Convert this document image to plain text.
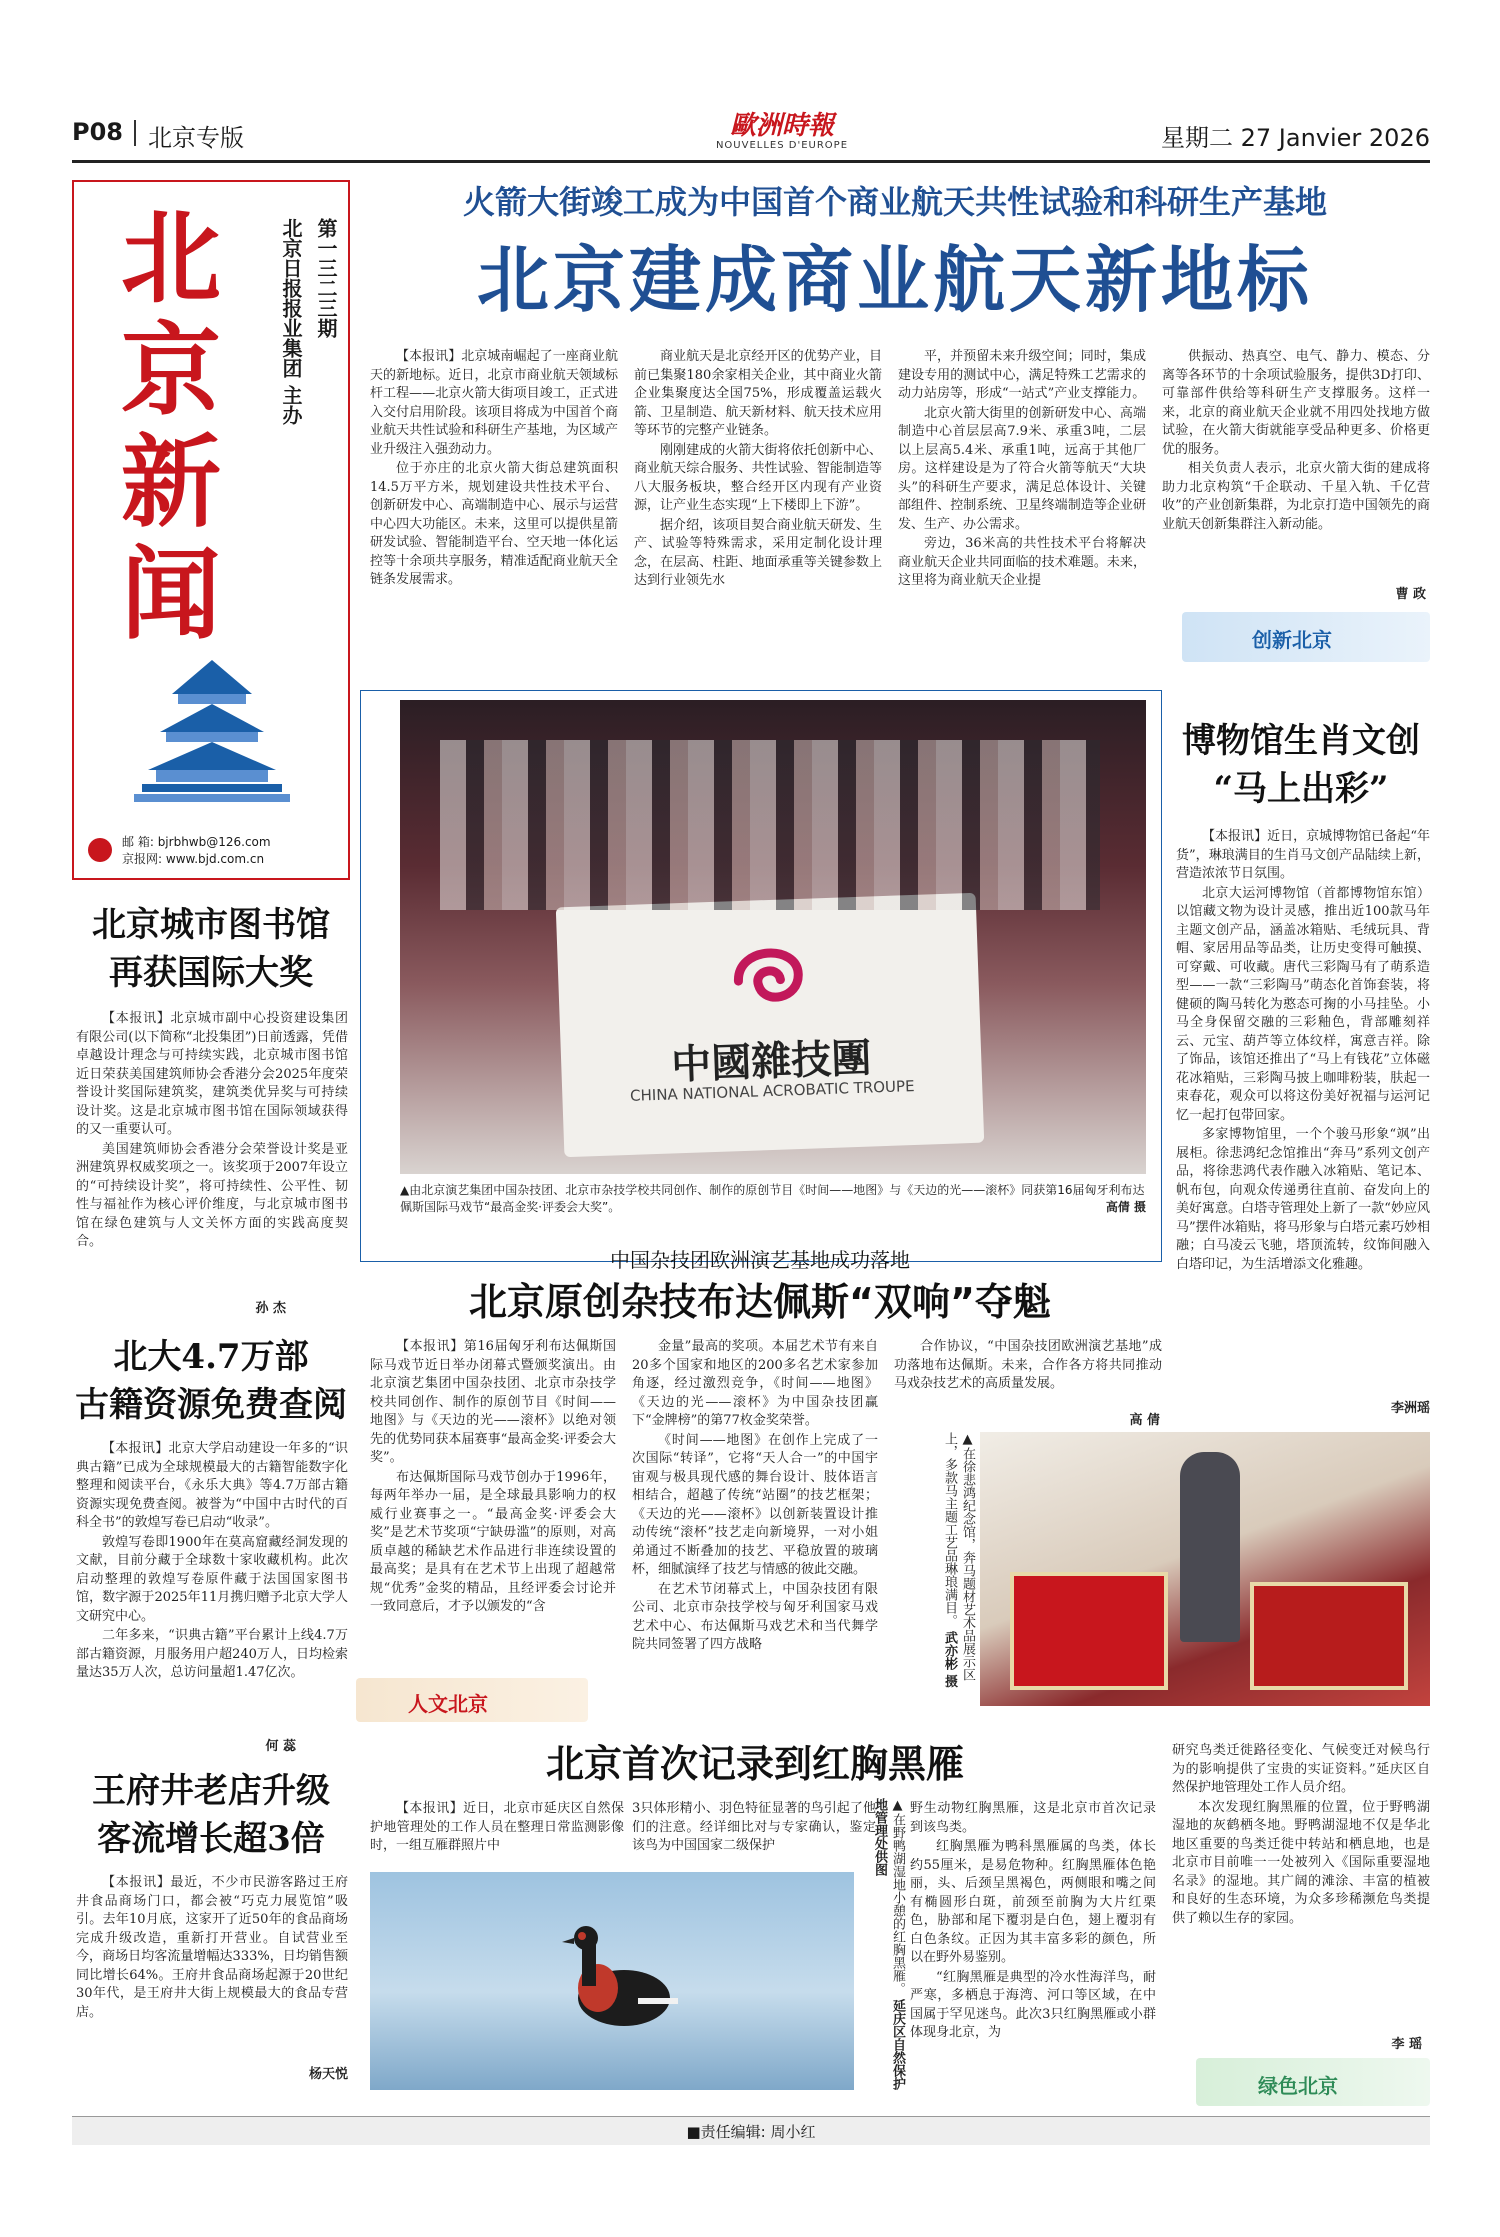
P08 北京专版	歐洲時報
NOUVELLES D'EUROPE	星期二 27 Janvier 2026
北
京
新
闻
北京日报报业集团 主办 第一三二三期
邮 箱: bjrbhwb@126.com
京报网: www.bjd.com.cn
火箭大街竣工成为中国首个商业航天共性试验和科研生产基地
北京建成商业航天新地标

【本报讯】北京城南崛起了一座商业航天的新地标。近日，北京市商业航天领域标杆工程——北京火箭大街项目竣工，正式进入交付启用阶段。该项目将成为中国首个商业航天共性试验和科研生产基地，为区域产业升级注入强劲动力。

位于亦庄的北京火箭大街总建筑面积14.5万平方米，规划建设共性技术平台、创新研发中心、高端制造中心、展示与运营中心四大功能区。未来，这里可以提供星箭研发试验、智能制造平台、空天地一体化运控等十余项共享服务，精准适配商业航天全链条发展需求。

商业航天是北京经开区的优势产业，目前已集聚180余家相关企业，其中商业火箭企业集聚度达全国75%，形成覆盖运载火箭、卫星制造、航天新材料、航天技术应用等环节的完整产业链条。

刚刚建成的火箭大街将依托创新中心、商业航天综合服务、共性试验、智能制造等八大服务板块，整合经开区内现有产业资源，让产业生态实现“上下楼即上下游”。

据介绍，该项目契合商业航天研发、生产、试验等特殊需求，采用定制化设计理念，在层高、柱距、地面承重等关键参数上达到行业领先水

平，并预留未来升级空间；同时，集成建设专用的测试中心，满足特殊工艺需求的动力站房等，形成“一站式”产业支撑能力。

北京火箭大街里的创新研发中心、高端制造中心首层层高7.9米、承重3吨，二层以上层高5.4米、承重1吨，远高于其他厂房。这样建设是为了符合火箭等航天“大块头”的科研生产要求，满足总体设计、关键部组件、控制系统、卫星终端制造等企业研发、生产、办公需求。

旁边，36米高的共性技术平台将解决商业航天企业共同面临的技术难题。未来，这里将为商业航天企业提

供振动、热真空、电气、静力、模态、分离等各环节的十余项试验服务，提供3D打印、可靠部件供给等科研生产支撑服务。这样一来，北京的商业航天企业就不用四处找地方做试验，在火箭大街就能享受品种更多、价格更优的服务。

相关负责人表示，北京火箭大街的建成将助力北京构筑“千企联动、千星入轨、千亿营收”的产业创新集群，为北京打造中国领先的商业航天创新集群注入新动能。

曹 政
创新北京
中國雜技團
CHINA NATIONAL ACROBATIC TROUPE
▲由北京演艺集团中国杂技团、北京市杂技学校共同创作、制作的原创节目《时间——地图》与《天边的光——滚杯》同获第16届匈牙利布达佩斯国际马戏节“最高金奖·评委会大奖”。	高倩 摄
中国杂技团欧洲演艺基地成功落地
北京原创杂技布达佩斯“双响”夺魁

【本报讯】第16届匈牙利布达佩斯国际马戏节近日举办闭幕式暨颁奖演出。由北京演艺集团中国杂技团、北京市杂技学校共同创作、制作的原创节目《时间——地图》与《天边的光——滚杯》以绝对领先的优势同获本届赛事“最高金奖·评委会大奖”。

布达佩斯国际马戏节创办于1996年，每两年举办一届，是全球最具影响力的权威行业赛事之一。“最高金奖·评委会大奖”是艺术节奖项“宁缺毋滥”的原则，对高质卓越的稀缺艺术作品进行非连续设置的最高奖；是具有在艺术节上出现了超越常规“优秀”金奖的精品，且经评委会讨论并一致同意后，才予以颁发的“含

金量”最高的奖项。本届艺术节有来自20多个国家和地区的200多名艺术家参加角逐，经过激烈竞争，《时间——地图》《天边的光——滚杯》为中国杂技团赢下“金牌榜”的第77枚金奖荣誉。

《时间——地图》在创作上完成了一次国际“转译”，它将“天人合一”的中国宇宙观与极具现代感的舞台设计、肢体语言相结合，超越了传统“站圈”的技艺框架；《天边的光——滚杯》以创新装置设计推动传统“滚杯”技艺走向新境界，一对小姐弟通过不断叠加的技艺、平稳放置的玻璃杯，细腻演绎了技艺与情感的彼此交融。

在艺术节闭幕式上，中国杂技团有限公司、北京市杂技学校与匈牙利国家马戏艺术中心、布达佩斯马戏艺术和当代舞学院共同签署了四方战略

合作协议，“中国杂技团欧洲演艺基地”成功落地布达佩斯。未来，合作各方将共同推动马戏杂技艺术的高质量发展。

高 倩
博物馆生肖文创
“马上出彩”

【本报讯】近日，京城博物馆已备起“年货”，琳琅满目的生肖马文创产品陆续上新，营造浓浓节日氛围。

北京大运河博物馆（首都博物馆东馆）以馆藏文物为设计灵感，推出近100款马年主题文创产品，涵盖冰箱贴、毛绒玩具、背帽、家居用品等品类，让历史变得可触摸、可穿戴、可收藏。唐代三彩陶马有了萌系造型——一款“三彩陶马”萌态化首饰套装，将健硕的陶马转化为憨态可掬的小马挂坠。小马全身保留交融的三彩釉色，背部雕刻祥云、元宝、葫芦等立体纹样，寓意吉祥。除了饰品，该馆还推出了“马上有钱花”立体磁花冰箱贴，三彩陶马披上咖啡粉装，肤起一束春花，观众可以将这份美好祝福与运河记忆一起打包带回家。

多家博物馆里，一个个骏马形象“飒”出展柜。徐悲鸿纪念馆推出“奔马”系列文创产品，将徐悲鸿代表作融入冰箱贴、笔记本、帆布包，向观众传递勇往直前、奋发向上的美好寓意。白塔寺管理处上新了一款“妙应风马”摆件冰箱贴，将马形象与白塔元素巧妙相融；白马凌云飞驰，塔顶流转，纹饰间融入白塔印记，为生活增添文化雅趣。

李洲瑶
▲在徐悲鸿纪念馆，奔马题材艺术品展示区上，多款马主题工艺品琳琅满目。 武亦彬 摄
北京城市图书馆
再获国际大奖

【本报讯】北京城市副中心投资建设集团有限公司(以下简称“北投集团”)日前透露，凭借卓越设计理念与可持续实践，北京城市图书馆近日荣获美国建筑师协会香港分会2025年度荣誉设计奖国际建筑奖，建筑类优异奖与可持续设计奖。这是北京城市图书馆在国际领域获得的又一重要认可。

美国建筑师协会香港分会荣誉设计奖是亚洲建筑界权威奖项之一。该奖项于2007年设立的“可持续设计奖”，将可持续性、公平性、韧性与福祉作为核心评价维度，与北京城市图书馆在绿色建筑与人文关怀方面的实践高度契合。

孙 杰
北大4.7万部
古籍资源免费查阅

【本报讯】北京大学启动建设一年多的“识典古籍”已成为全球规模最大的古籍智能数字化整理和阅读平台，《永乐大典》等4.7万部古籍资源实现免费查阅。被誉为“中国中古时代的百科全书”的敦煌写卷已启动“收录”。

敦煌写卷即1900年在莫高窟藏经洞发现的文献，目前分藏于全球数十家收藏机构。此次启动整理的敦煌写卷原件藏于法国国家图书馆，数字源于2025年11月携归赠予北京大学人文研究中心。

二年多来，“识典古籍”平台累计上线4.7万部古籍资源，月服务用户超240万人，日均检索量达35万人次，总访问量超1.47亿次。

何 蕊
人文北京
王府井老店升级
客流增长超3倍

【本报讯】最近，不少市民游客路过王府井食品商场门口，都会被“巧克力展览馆”吸引。去年10月底，这家开了近50年的食品商场完成升级改造，重新打开营业。自试营业至今，商场日均客流量增幅达333%，日均销售额同比增长64%。王府井食品商场起源于20世纪30年代，是王府井大街上规模最大的食品专营店。

杨天悦
北京首次记录到红胸黑雁

【本报讯】近日，北京市延庆区自然保护地管理处的工作人员在整理日常监测影像时，一组互雁群照片中

3只体形精小、羽色特征显著的鸟引起了他们的注意。经详细比对与专家确认，鉴定该鸟为中国国家二级保护	▲在野鸭湖湿地小憩的红胸黑雁。 延庆区自然保护地管理处供图	野生动物红胸黑雁，这是北京市首次记录到该鸟类。

红胸黑雁为鸭科黑雁属的鸟类，体长约55厘米，是易危物种。红胸黑雁体色艳丽，头、后颈呈黑褐色，两侧眼和嘴之间有椭圆形白斑，前颈至前胸为大片红栗色，胁部和尾下覆羽是白色，翅上覆羽有白色条纹。正因为其丰富多彩的颜色，所以在野外易鉴别。

“红胸黑雁是典型的冷水性海洋鸟，耐严寒，多栖息于海湾、河口等区域，在中国属于罕见迷鸟。此次3只红胸黑雁或小群体现身北京，为

研究鸟类迁徙路径变化、气候变迁对候鸟行为的影响提供了宝贵的实证资料。”延庆区自然保护地管理处工作人员介绍。

本次发现红胸黑雁的位置，位于野鸭湖湿地的灰鹤栖冬地。野鸭湖湿地不仅是华北地区重要的鸟类迁徙中转站和栖息地，也是北京市目前唯一一处被列入《国际重要湿地名录》的湿地。其广阔的滩涂、丰富的植被和良好的生态环境，为众多珍稀濒危鸟类提供了赖以生存的家园。

李 瑶
绿色北京
■责任编辑: 周小红
